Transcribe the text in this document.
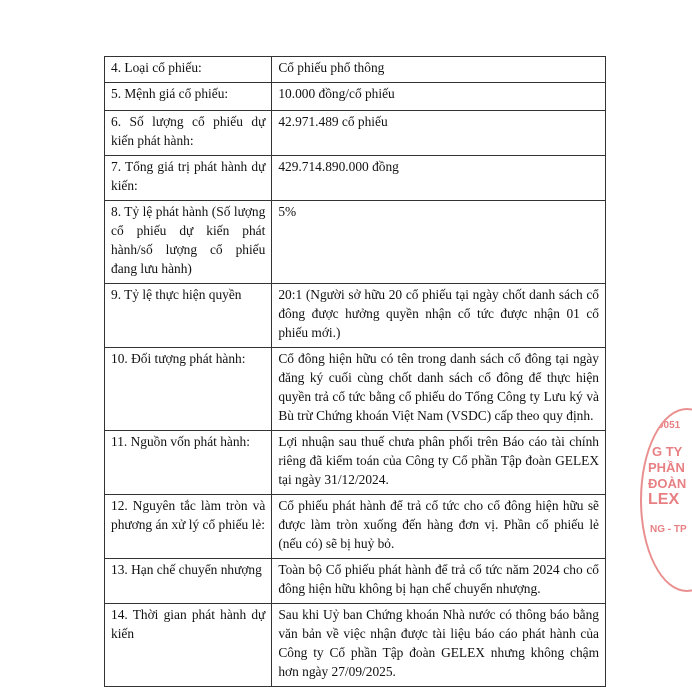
4. Loại cổ phiếu:	Cổ phiếu phổ thông
5. Mệnh giá cổ phiếu:	10.000 đồng/cổ phiếu
6. Số lượng cổ phiếu dự kiến phát hành:	42.971.489 cổ phiếu
7. Tổng giá trị phát hành dự kiến:	429.714.890.000 đồng
8. Tỷ lệ phát hành (Số lượng cổ phiếu dự kiến phát hành/số lượng cổ phiếu đang lưu hành)	5%
9. Tỷ lệ thực hiện quyền	20:1 (Người sở hữu 20 cổ phiếu tại ngày chốt danh sách cổ đông được hưởng quyền nhận cổ tức được nhận 01 cổ phiếu mới.)
10. Đối tượng phát hành:	Cổ đông hiện hữu có tên trong danh sách cổ đông tại ngày đăng ký cuối cùng chốt danh sách cổ đông để thực hiện quyền trả cổ tức bằng cổ phiếu do Tổng Công ty Lưu ký và Bù trừ Chứng khoán Việt Nam (VSDC) cấp theo quy định.
11. Nguồn vốn phát hành:	Lợi nhuận sau thuế chưa phân phối trên Báo cáo tài chính riêng đã kiểm toán của Công ty Cổ phần Tập đoàn GELEX tại ngày 31/12/2024.
12. Nguyên tắc làm tròn và phương án xử lý cổ phiếu lẻ:	Cổ phiếu phát hành để trả cổ tức cho cổ đông hiện hữu sẽ được làm tròn xuống đến hàng đơn vị. Phần cổ phiếu lẻ (nếu có) sẽ bị huỷ bỏ.
13. Hạn chế chuyển nhượng	Toàn bộ Cổ phiếu phát hành để trả cổ tức năm 2024 cho cổ đông hiện hữu không bị hạn chế chuyển nhượng.
14. Thời gian phát hành dự kiến	Sau khi Uỷ ban Chứng khoán Nhà nước có thông báo bằng văn bản về việc nhận được tài liệu báo cáo phát hành của Công ty Cổ phần Tập đoàn GELEX nhưng không chậm hơn ngày 27/09/2025.
0051
G TY
PHẦN
ĐOÀN
LEX
NG - TP
